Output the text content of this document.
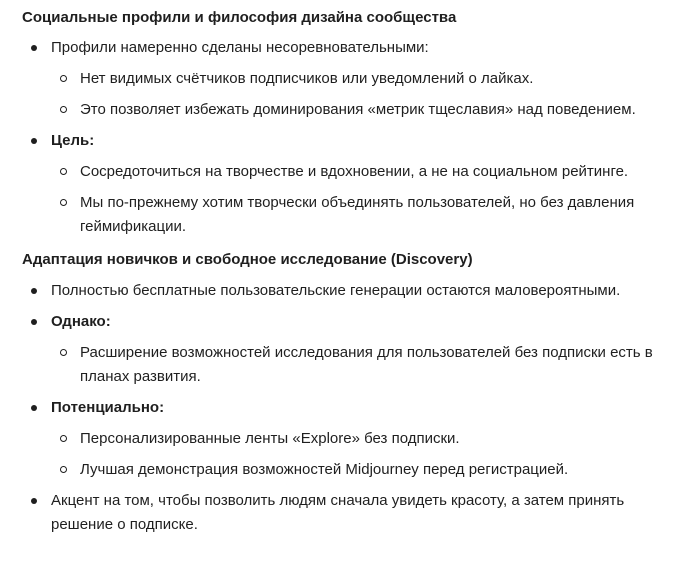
Социальные профили и философия дизайна сообщества
Профили намеренно сделаны несоревновательными:
Нет видимых счётчиков подписчиков или уведомлений о лайках.
Это позволяет избежать доминирования «метрик тщеславия» над поведением.
Цель:
Сосредоточиться на творчестве и вдохновении, а не на социальном рейтинге.
Мы по-прежнему хотим творчески объединять пользователей, но без давления геймификации.
Адаптация новичков и свободное исследование (Discovery)
Полностью бесплатные пользовательские генерации остаются маловероятными.
Однако:
Расширение возможностей исследования для пользователей без подписки есть в планах развития.
Потенциально:
Персонализированные ленты «Explore» без подписки.
Лучшая демонстрация возможностей Midjourney перед регистрацией.
Акцент на том, чтобы позволить людям сначала увидеть красоту, а затем принять решение о подписке.
